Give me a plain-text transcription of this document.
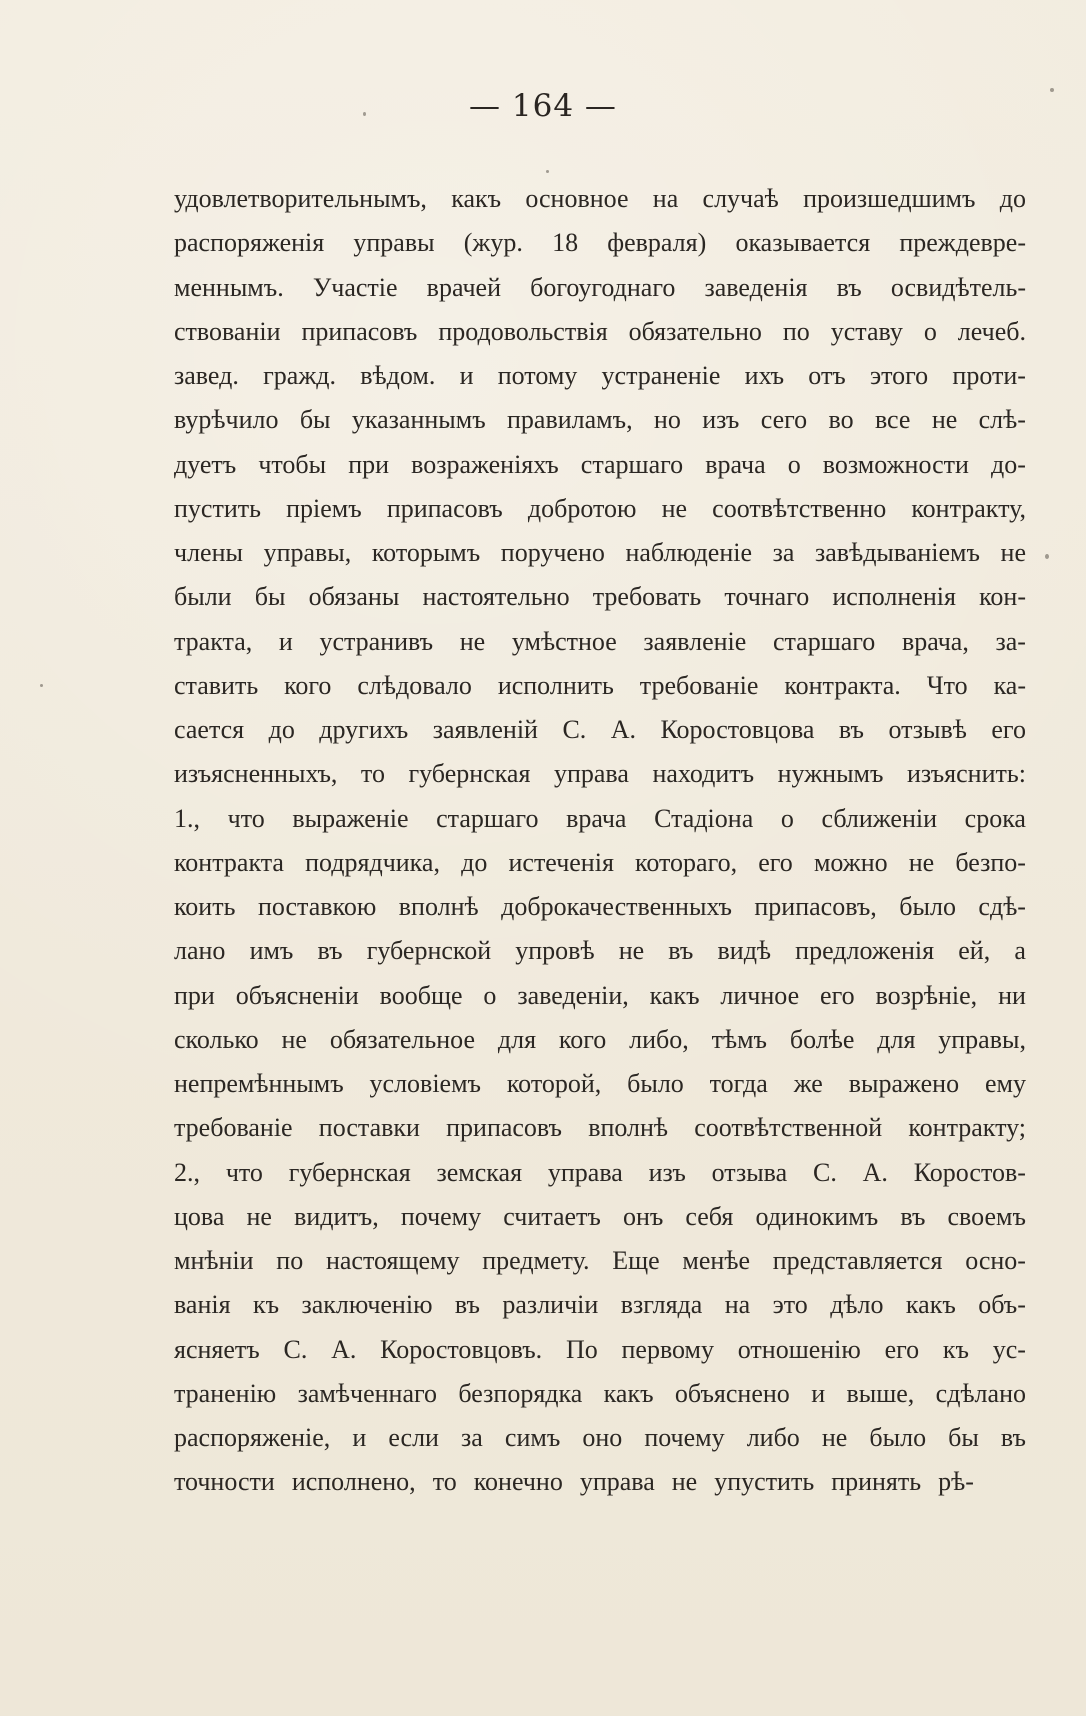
— 164 —
удовлетворительнымъ, какъ основное на случаѣ произшедшимъ до
распоряженія управы (жур. 18 февраля) оказывается преждевре-
меннымъ. Участіе врачей богоугоднаго заведенія въ освидѣтель-
ствованіи припасовъ продовольствія обязательно по уставу о лечеб.
завед. гражд. вѣдом. и потому устраненіе ихъ отъ этого проти-
вурѣчило бы указаннымъ правиламъ, но изъ сего во все не слѣ-
дуетъ чтобы при возраженіяхъ старшаго врача о возможности до-
пустить пріемъ припасовъ добротою не соотвѣтственно контракту,
члены управы, которымъ поручено наблюденіе за завѣдываніемъ не
были бы обязаны настоятельно требовать точнаго исполненія кон-
тракта, и устранивъ не умѣстное заявленіе старшаго врача, за-
ставить кого слѣдовало исполнить требованіе контракта. Что ка-
сается до другихъ заявленій С. А. Коростовцова въ отзывѣ его
изъясненныхъ, то губернская управа находитъ нужнымъ изъяснить:
1., что выраженіе старшаго врача Стадіона о сближеніи срока
контракта подрядчика, до истеченія котораго, его можно не безпо-
коить поставкою вполнѣ доброкачественныхъ припасовъ, было сдѣ-
лано имъ въ губернской упровѣ не въ видѣ предложенія ей, а
при объясненіи вообще о заведеніи, какъ личное его возрѣніе, ни
сколько не обязательное для кого либо, тѣмъ болѣе для управы,
непремѣннымъ условіемъ которой, было тогда же выражено ему
требованіе поставки припасовъ вполнѣ соотвѣтственной контракту;
2., что губернская земская управа изъ отзыва С. А. Коростов-
цова не видитъ, почему считаетъ онъ себя одинокимъ въ своемъ
мнѣніи по настоящему предмету. Еще менѣе представляется осно-
ванія къ заключенію въ различіи взгляда на это дѣло какъ объ-
ясняетъ С. А. Коростовцовъ. По первому отношенію его къ ус-
траненію замѣченнаго безпорядка какъ объяснено и выше, сдѣлано
распоряженіе, и если за симъ оно почему либо не было бы въ
точности исполнено, то конечно управа не упустить принять рѣ-
